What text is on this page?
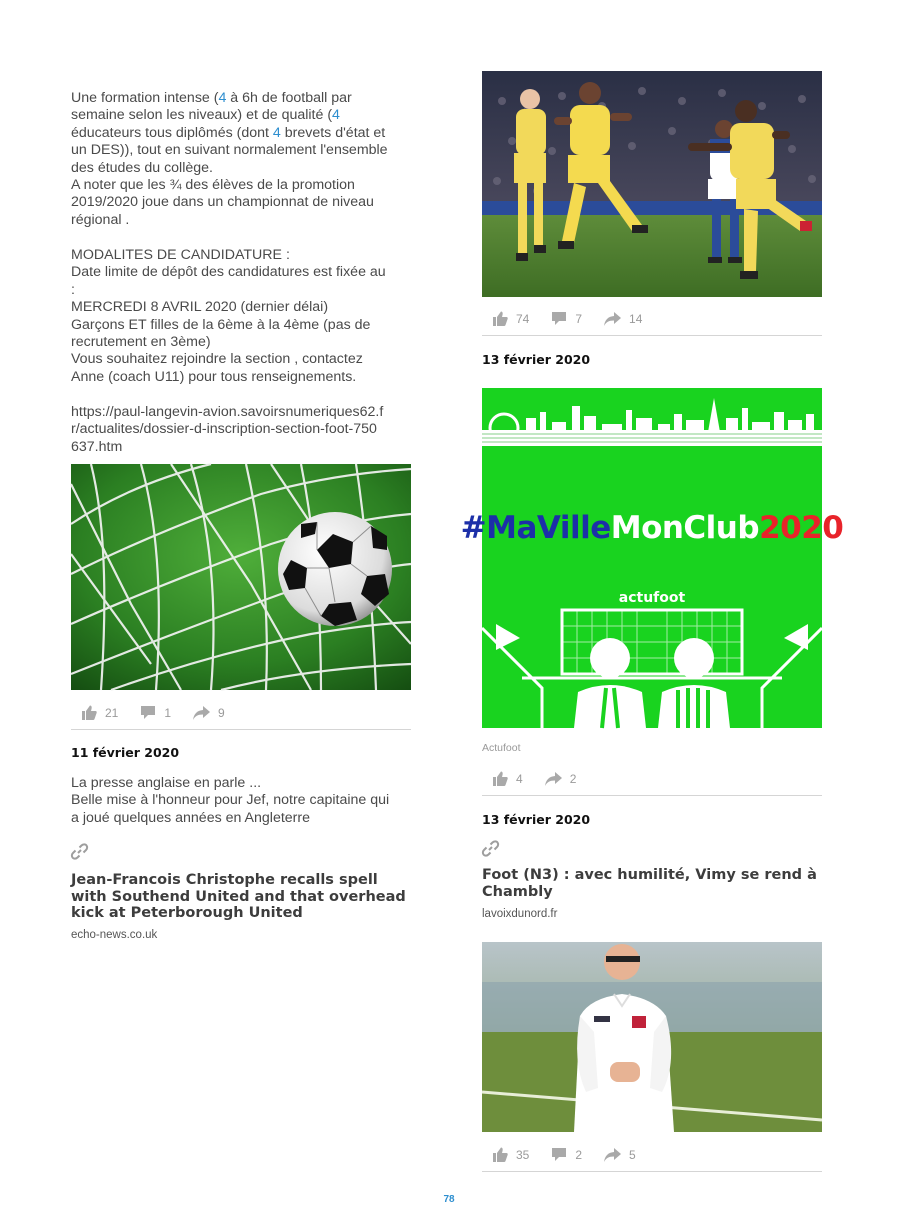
Une formation intense (4 à 6h de football par
semaine selon les niveaux) et de qualité (4
éducateurs tous diplômés (dont 4 brevets d'état et
un DES)), tout en suivant normalement l'ensemble
des études du collège.
A noter que les ¾ des élèves de la promotion
2019/2020 joue dans un championnat de niveau
régional .

MODALITES DE CANDIDATURE :
Date limite de dépôt des candidatures est fixée au
:
MERCREDI 8 AVRIL 2020 (dernier délai)
Garçons ET filles de la 6ème à la 4ème (pas de
recrutement en 3ème)
Vous souhaitez rejoindre la section , contactez
Anne (coach U11) pour tous renseignements.

https://paul-langevin-avion.savoirsnumeriques62.f
r/actualites/dossier-d-inscription-section-foot-750
637.htm

21	1	9
11 février 2020

La presse anglaise en parle ...
Belle mise à l'honneur pour Jef, notre capitaine qui
a joué quelques années en Angleterre

Jean-Francois Christophe recalls spell with Southend United and that overhead kick at Peterborough United
echo-news.co.uk
74	7	14
13 février 2020
#MaVilleMonClub2020
actufoot
Actufoot
4	2
13 février 2020
Foot (N3) : avec humilité, Vimy se rend à Chambly
lavoixdunord.fr
35	2	5
78
